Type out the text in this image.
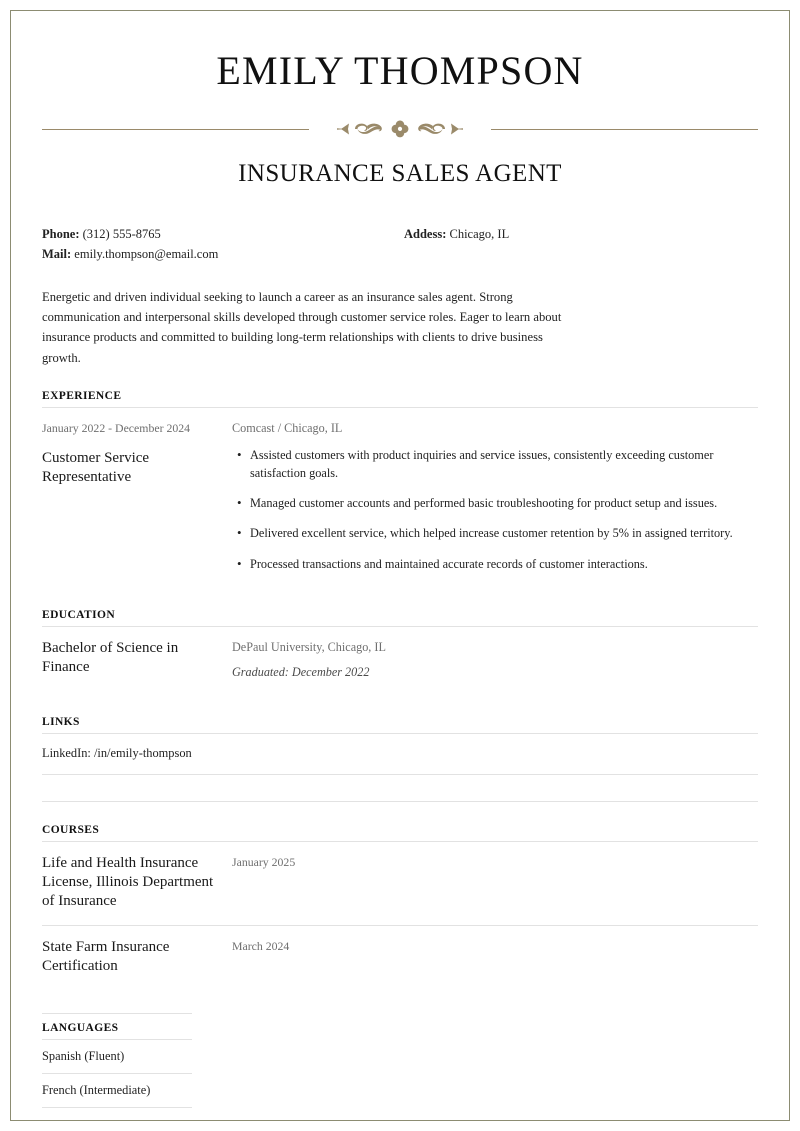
EMILY THOMPSON
INSURANCE SALES AGENT
Phone: (312) 555-8765
Mail: emily.thompson@email.com
Addess: Chicago, IL
Energetic and driven individual seeking to launch a career as an insurance sales agent. Strong communication and interpersonal skills developed through customer service roles. Eager to learn about insurance products and committed to building long-term relationships with clients to drive business growth.
EXPERIENCE
January 2022 - December 2024
Customer Service Representative
Comcast / Chicago, IL
• Assisted customers with product inquiries and service issues, consistently exceeding customer satisfaction goals.
• Managed customer accounts and performed basic troubleshooting for product setup and issues.
• Delivered excellent service, which helped increase customer retention by 5% in assigned territory.
• Processed transactions and maintained accurate records of customer interactions.
EDUCATION
Bachelor of Science in Finance
DePaul University, Chicago, IL
Graduated: December 2022
LINKS
LinkedIn: /in/emily-thompson
COURSES
Life and Health Insurance License, Illinois Department of Insurance
January 2025
State Farm Insurance Certification
March 2024
LANGUAGES
Spanish (Fluent)
French (Intermediate)
